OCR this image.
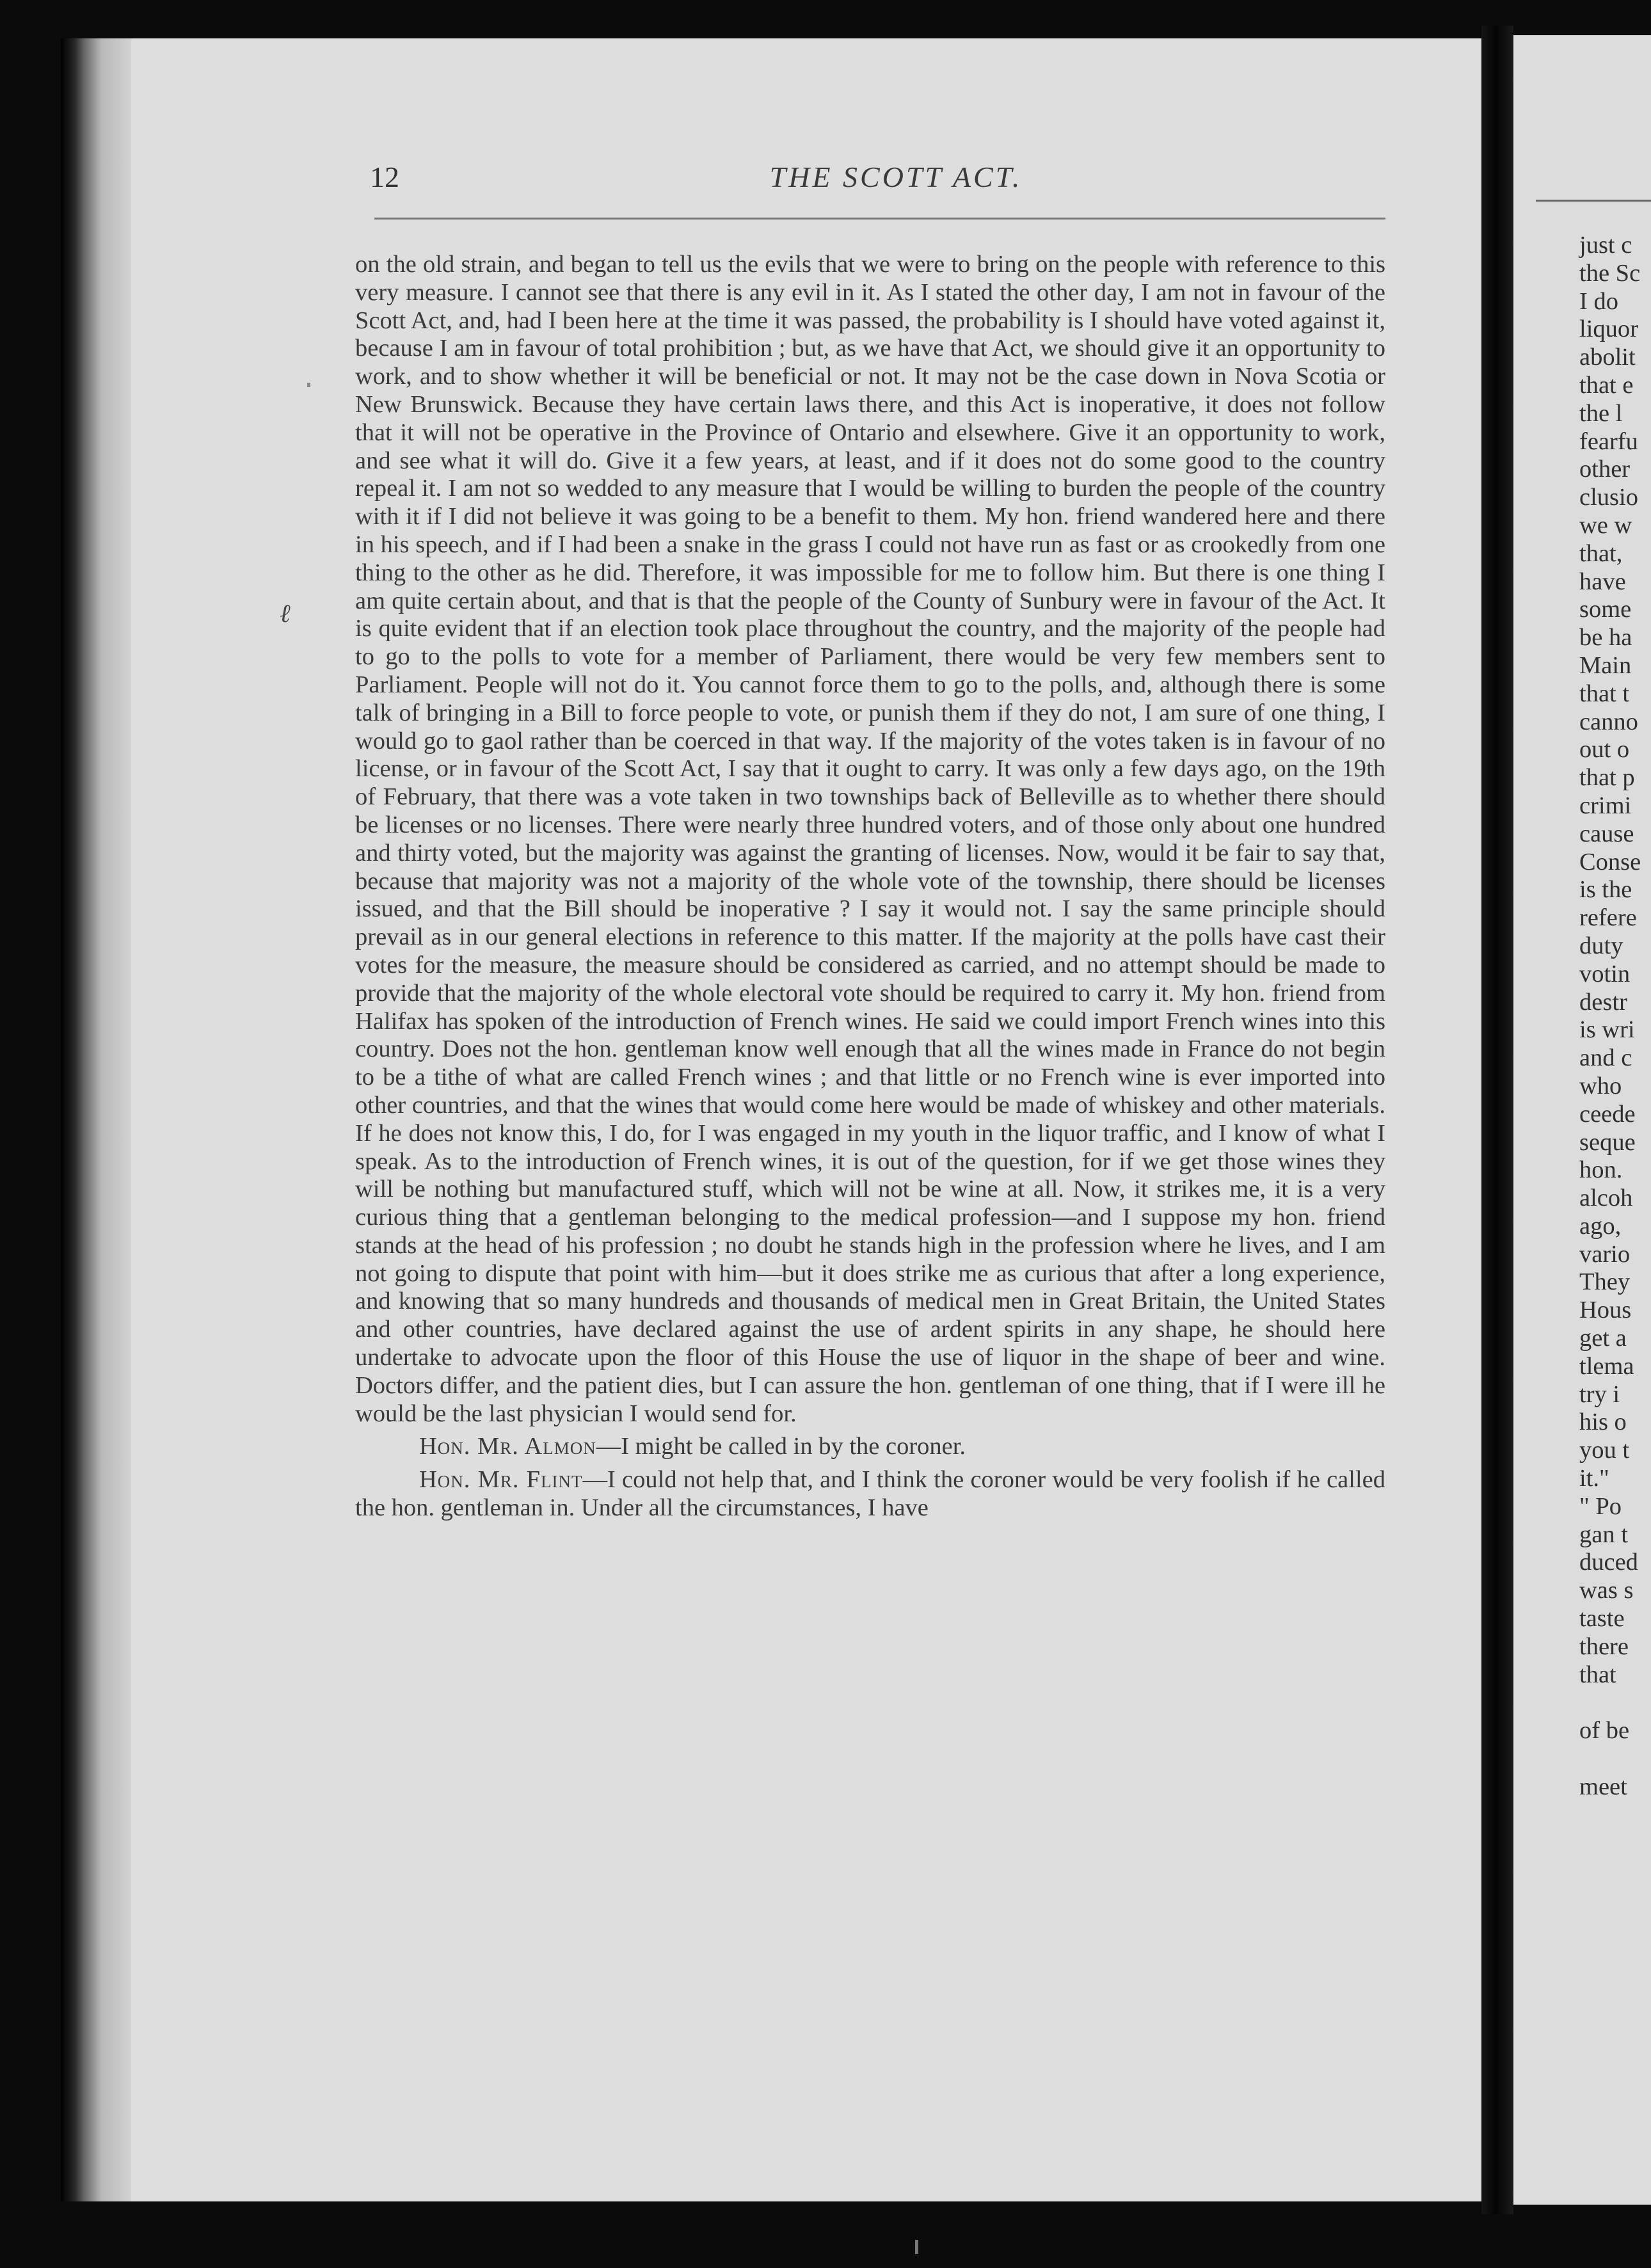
12	THE SCOTT ACT.

on the old strain, and began to tell us the evils that we were to bring on the people with reference to this very measure. I cannot see that there is any evil in it. As I stated the other day, I am not in favour of the Scott Act, and, had I been here at the time it was passed, the probability is I should have voted against it, because I am in favour of total prohibition ; but, as we have that Act, we should give it an opportunity to work, and to show whether it will be beneficial or not. It may not be the case down in Nova Scotia or New Brunswick. Because they have certain laws there, and this Act is inoperative, it does not follow that it will not be operative in the Province of Ontario and elsewhere. Give it an opportunity to work, and see what it will do. Give it a few years, at least, and if it does not do some good to the country repeal it. I am not so wedded to any measure that I would be willing to burden the people of the country with it if I did not believe it was going to be a benefit to them. My hon. friend wandered here and there in his speech, and if I had been a snake in the grass I could not have run as fast or as crookedly from one thing to the other as he did. Therefore, it was impossible for me to follow him. But there is one thing I am quite certain about, and that is that the people of the County of Sunbury were in favour of the Act. It is quite evident that if an election took place throughout the country, and the majority of the people had to go to the polls to vote for a member of Parliament, there would be very few members sent to Parliament. People will not do it. You cannot force them to go to the polls, and, although there is some talk of bringing in a Bill to force people to vote, or punish them if they do not, I am sure of one thing, I would go to gaol rather than be coerced in that way. If the majority of the votes taken is in favour of no license, or in favour of the Scott Act, I say that it ought to carry. It was only a few days ago, on the 19th of February, that there was a vote taken in two townships back of Belleville as to whether there should be licenses or no licenses. There were nearly three hundred voters, and of those only about one hundred and thirty voted, but the majority was against the granting of licenses. Now, would it be fair to say that, because that majority was not a majority of the whole vote of the township, there should be licenses issued, and that the Bill should be inoperative ? I say it would not. I say the same principle should prevail as in our general elections in reference to this matter. If the majority at the polls have cast their votes for the measure, the measure should be considered as carried, and no attempt should be made to provide that the majority of the whole electoral vote should be required to carry it. My hon. friend from Halifax has spoken of the introduction of French wines. He said we could import French wines into this country. Does not the hon. gentleman know well enough that all the wines made in France do not begin to be a tithe of what are called French wines ; and that little or no French wine is ever imported into other countries, and that the wines that would come here would be made of whiskey and other materials. If he does not know this, I do, for I was engaged in my youth in the liquor traffic, and I know of what I speak. As to the introduction of French wines, it is out of the question, for if we get those wines they will be nothing but manufactured stuff, which will not be wine at all. Now, it strikes me, it is a very curious thing that a gentleman belonging to the medical profession—and I suppose my hon. friend stands at the head of his profession ; no doubt he stands high in the profession where he lives, and I am not going to dispute that point with him—but it does strike me as curious that after a long experience, and knowing that so many hundreds and thousands of medical men in Great Britain, the United States and other countries, have declared against the use of ardent spirits in any shape, he should here undertake to advocate upon the floor of this House the use of liquor in the shape of beer and wine. Doctors differ, and the patient dies, but I can assure the hon. gentleman of one thing, that if I were ill he would be the last physician I would send for.

Hon. Mr. Almon—I might be called in by the coroner.

Hon. Mr. Flint—I could not help that, and I think the coroner would be very foolish if he called the hon. gentleman in. Under all the circumstances, I have

just c
the Sc
I do
liquor
abolit
that e
the l
fearfu
other
clusio
we w
that,
have
some
be ha
Main
that t
canno
out o
that p
crimi
cause
Conse
is the
refere
duty
votin
destr
is wri
and c
who
ceede
seque
hon.
alcoh
ago,
vario
They
Hous
get a
tlema
try i
his o
you t
it."
" Po
gan t
duced
was s
taste
there
that
of be
meet
ℓ
